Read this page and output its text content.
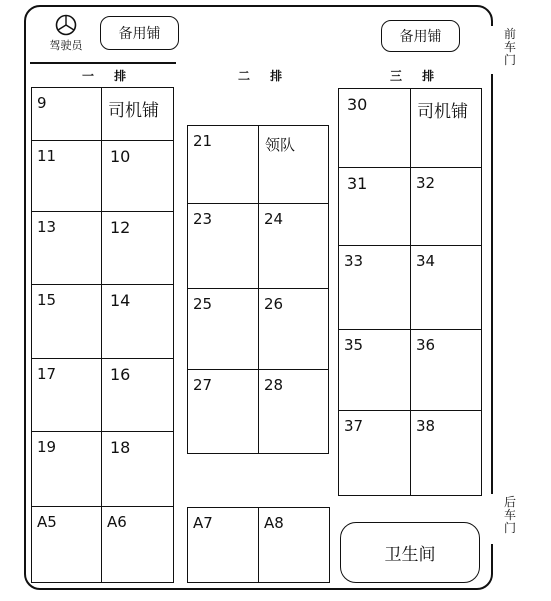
前
车
门
后
车
门
驾驶员
备用铺	备用铺
一 排	二 排	三 排
9	司机铺
11	10
13	12
15	14
17	16
19	18
A5	A6
21	领队
23	24
25	26
27	28
A7	A8
30	司机铺
31	32
33	34
35	36
37	38
卫生间
